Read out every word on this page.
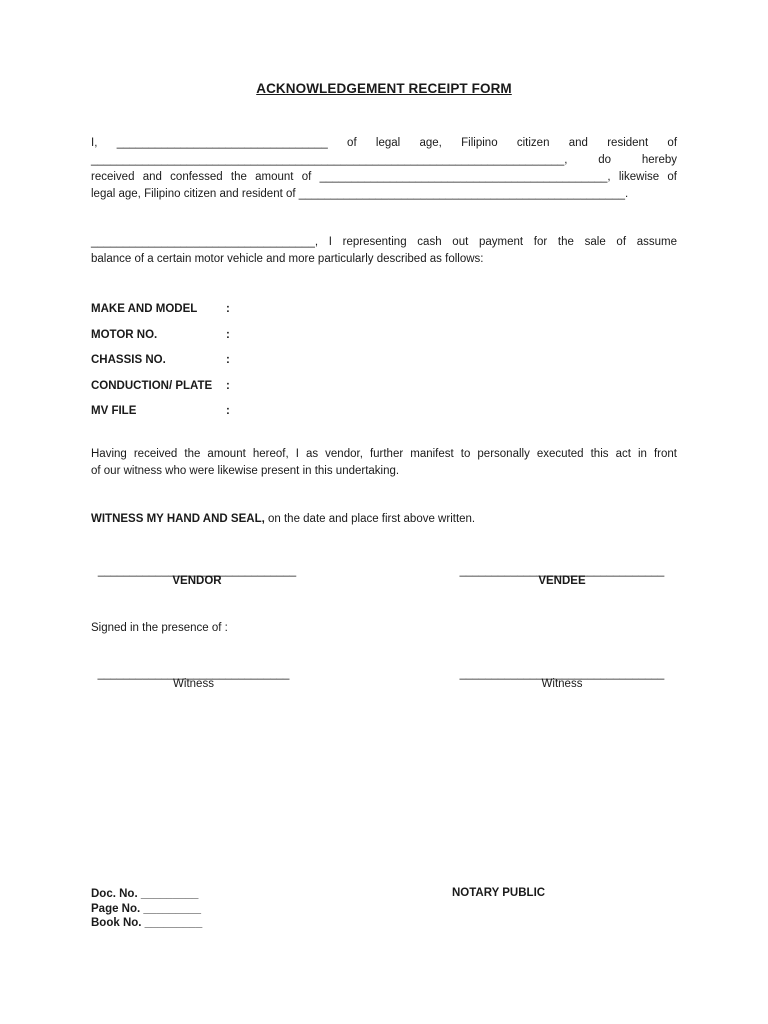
ACKNOWLEDGEMENT RECEIPT FORM
I, _________________________________ of legal age, Filipino citizen and resident of
__________________________________________________________________________, do hereby
received and confessed the amount of _____________________________________________, likewise of
legal age, Filipino citizen and resident of ___________________________________________________.
___________________________________, I representing cash out payment for the sale of assume
balance of a certain motor vehicle and more particularly described as follows:
MAKE AND MODEL :
MOTOR NO.	:
CHASSIS NO.	:
CONDUCTION/ PLATE :
MV FILE	:
Having received the amount hereof, I as vendor, further manifest to personally executed this act in front
of our witness who were likewise present in this undertaking.
WITNESS MY HAND AND SEAL, on the date and place first above written.
_______________________________
VENDOR
________________________________
VENDEE
Signed in the presence of :
______________________________
Witness
________________________________
Witness
Doc. No. _________
Page No. _________
Book No. _________
NOTARY PUBLIC
